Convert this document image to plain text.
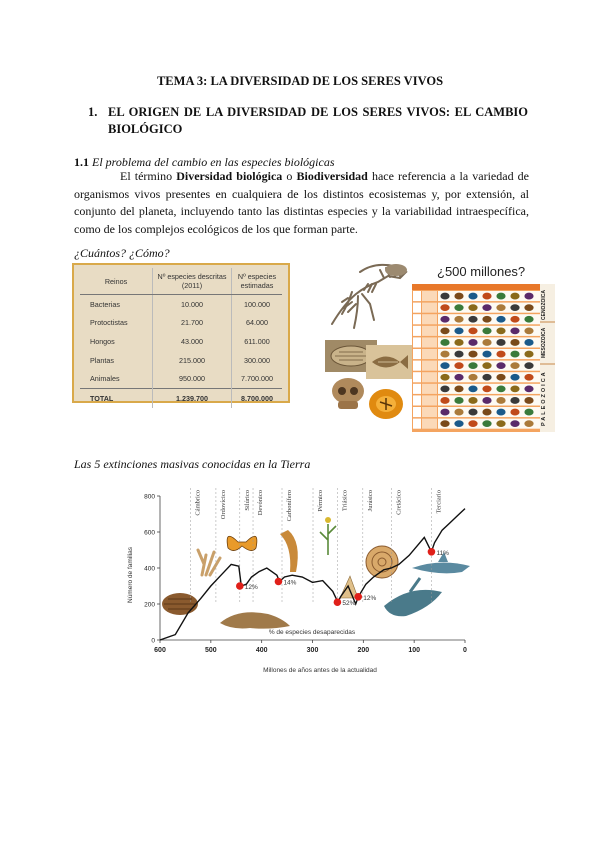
TEMA 3: LA DIVERSIDAD DE LOS SERES VIVOS
1. EL ORIGEN DE LA DIVERSIDAD DE LOS SERES VIVOS: EL CAMBIO BIOLÓGICO
1.1 El problema del cambio en las especies biológicas
El término Diversidad biológica o Biodiversidad hace referencia a la variedad de organismos vivos presentes en cualquiera de los distintos ecosistemas y, por extensión, al conjunto del planeta, incluyendo tanto las distintas especies y la variabilidad intraespecífica, como de los complejos ecológicos de los que forman parte.
¿Cuántos? ¿Cómo?
Reinos	Nº especies descritas (2011)	Nº especies estimadas
Bacterias	10.000	100.000
Protoctistas	21.700	64.000
Hongos	43.000	611.000
Plantas	215.000	300.000
Animales	950.000	7.700.000
TOTAL	1.239.700	8.700.000
¿500 millones?
CENOZOICA
MESOZOICA
PALEOZOICA
Las 5 extinciones masivas conocidas en la Tierra
Número de familias
Millones de años antes de la actualidad
% de especies desaparecidas
Cámbrico	Ordovícico	Silúrico Devónico	Carbonífero	Pérmico	Triásico	Jurásico	Cretácico	Terciario
600	500	400	300	200	100	0
0
200
400
600
800
12%
14%
52%
12%
11%
